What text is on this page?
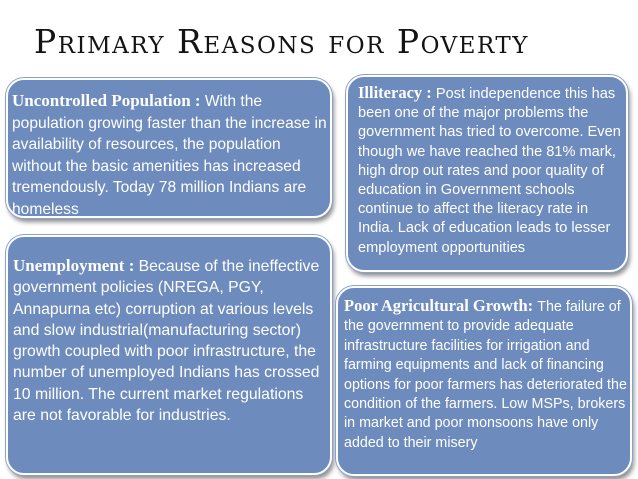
Primary Reasons for Poverty

Uncontrolled Population : With the population growing faster than the increase in availability of resources, the population without the basic amenities has increased tremendously. Today 78 million Indians are homeless

Illiteracy : Post independence this has been one of the major problems the government has tried to overcome. Even though we have reached the 81% mark, high drop out rates and poor quality of education in Government schools continue to affect the literacy rate in India. Lack of education leads to lesser employment opportunities

Unemployment : Because of the ineffective government policies (NREGA, PGY, Annapurna etc) corruption at various levels and slow industrial(manufacturing sector) growth coupled with poor infrastructure, the number of unemployed Indians has crossed 10 million. The current market regulations are not favorable for industries.

Poor Agricultural Growth: The failure of the government to provide adequate infrastructure facilities for irrigation and farming equipments and lack of financing options for poor farmers has deteriorated the condition of the farmers. Low MSPs, brokers in market and poor monsoons have only added to their misery
